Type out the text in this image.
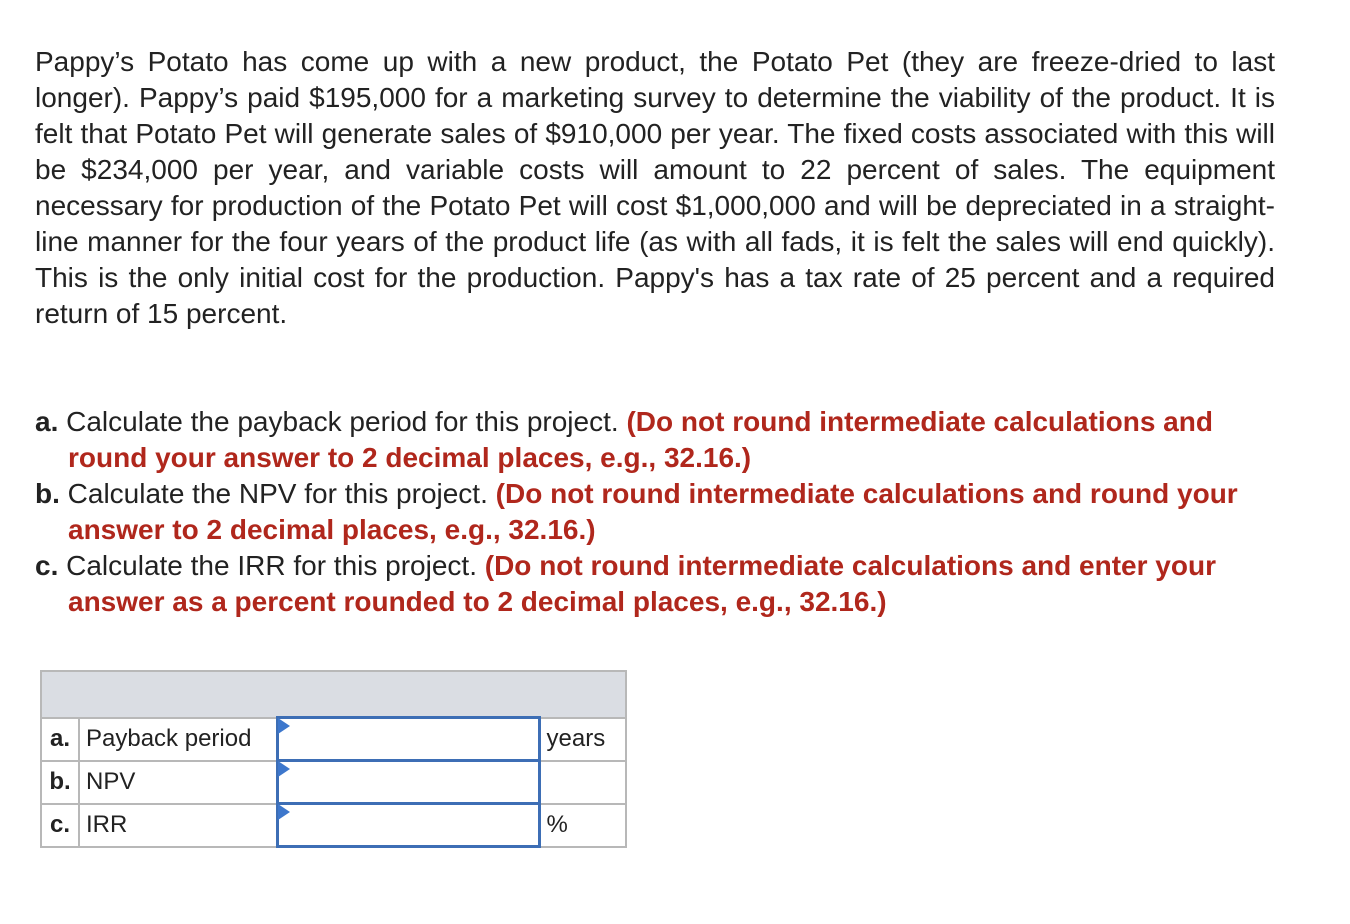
Pappy’s Potato has come up with a new product, the Potato Pet (they are freeze-dried to last longer). Pappy’s paid $195,000 for a marketing survey to determine the viability of the product. It is felt that Potato Pet will generate sales of $910,000 per year. The fixed costs associated with this will be $234,000 per year, and variable costs will amount to 22 percent of sales. The equipment necessary for production of the Potato Pet will cost $1,000,000 and will be depreciated in a straight-line manner for the four years of the product life (as with all fads, it is felt the sales will end quickly). This is the only initial cost for the production. Pappy's has a tax rate of 25 percent and a required return of 15 percent.

a. Calculate the payback period for this project. (Do not round intermediate calculations and round your answer to 2 decimal places, e.g., 32.16.)
b. Calculate the NPV for this project. (Do not round intermediate calculations and round your answer to 2 decimal places, e.g., 32.16.)
c. Calculate the IRR for this project. (Do not round intermediate calculations and enter your answer as a percent rounded to 2 decimal places, e.g., 32.16.)

a.	Payback period		years
b.	NPV	

c.	IRR		%
